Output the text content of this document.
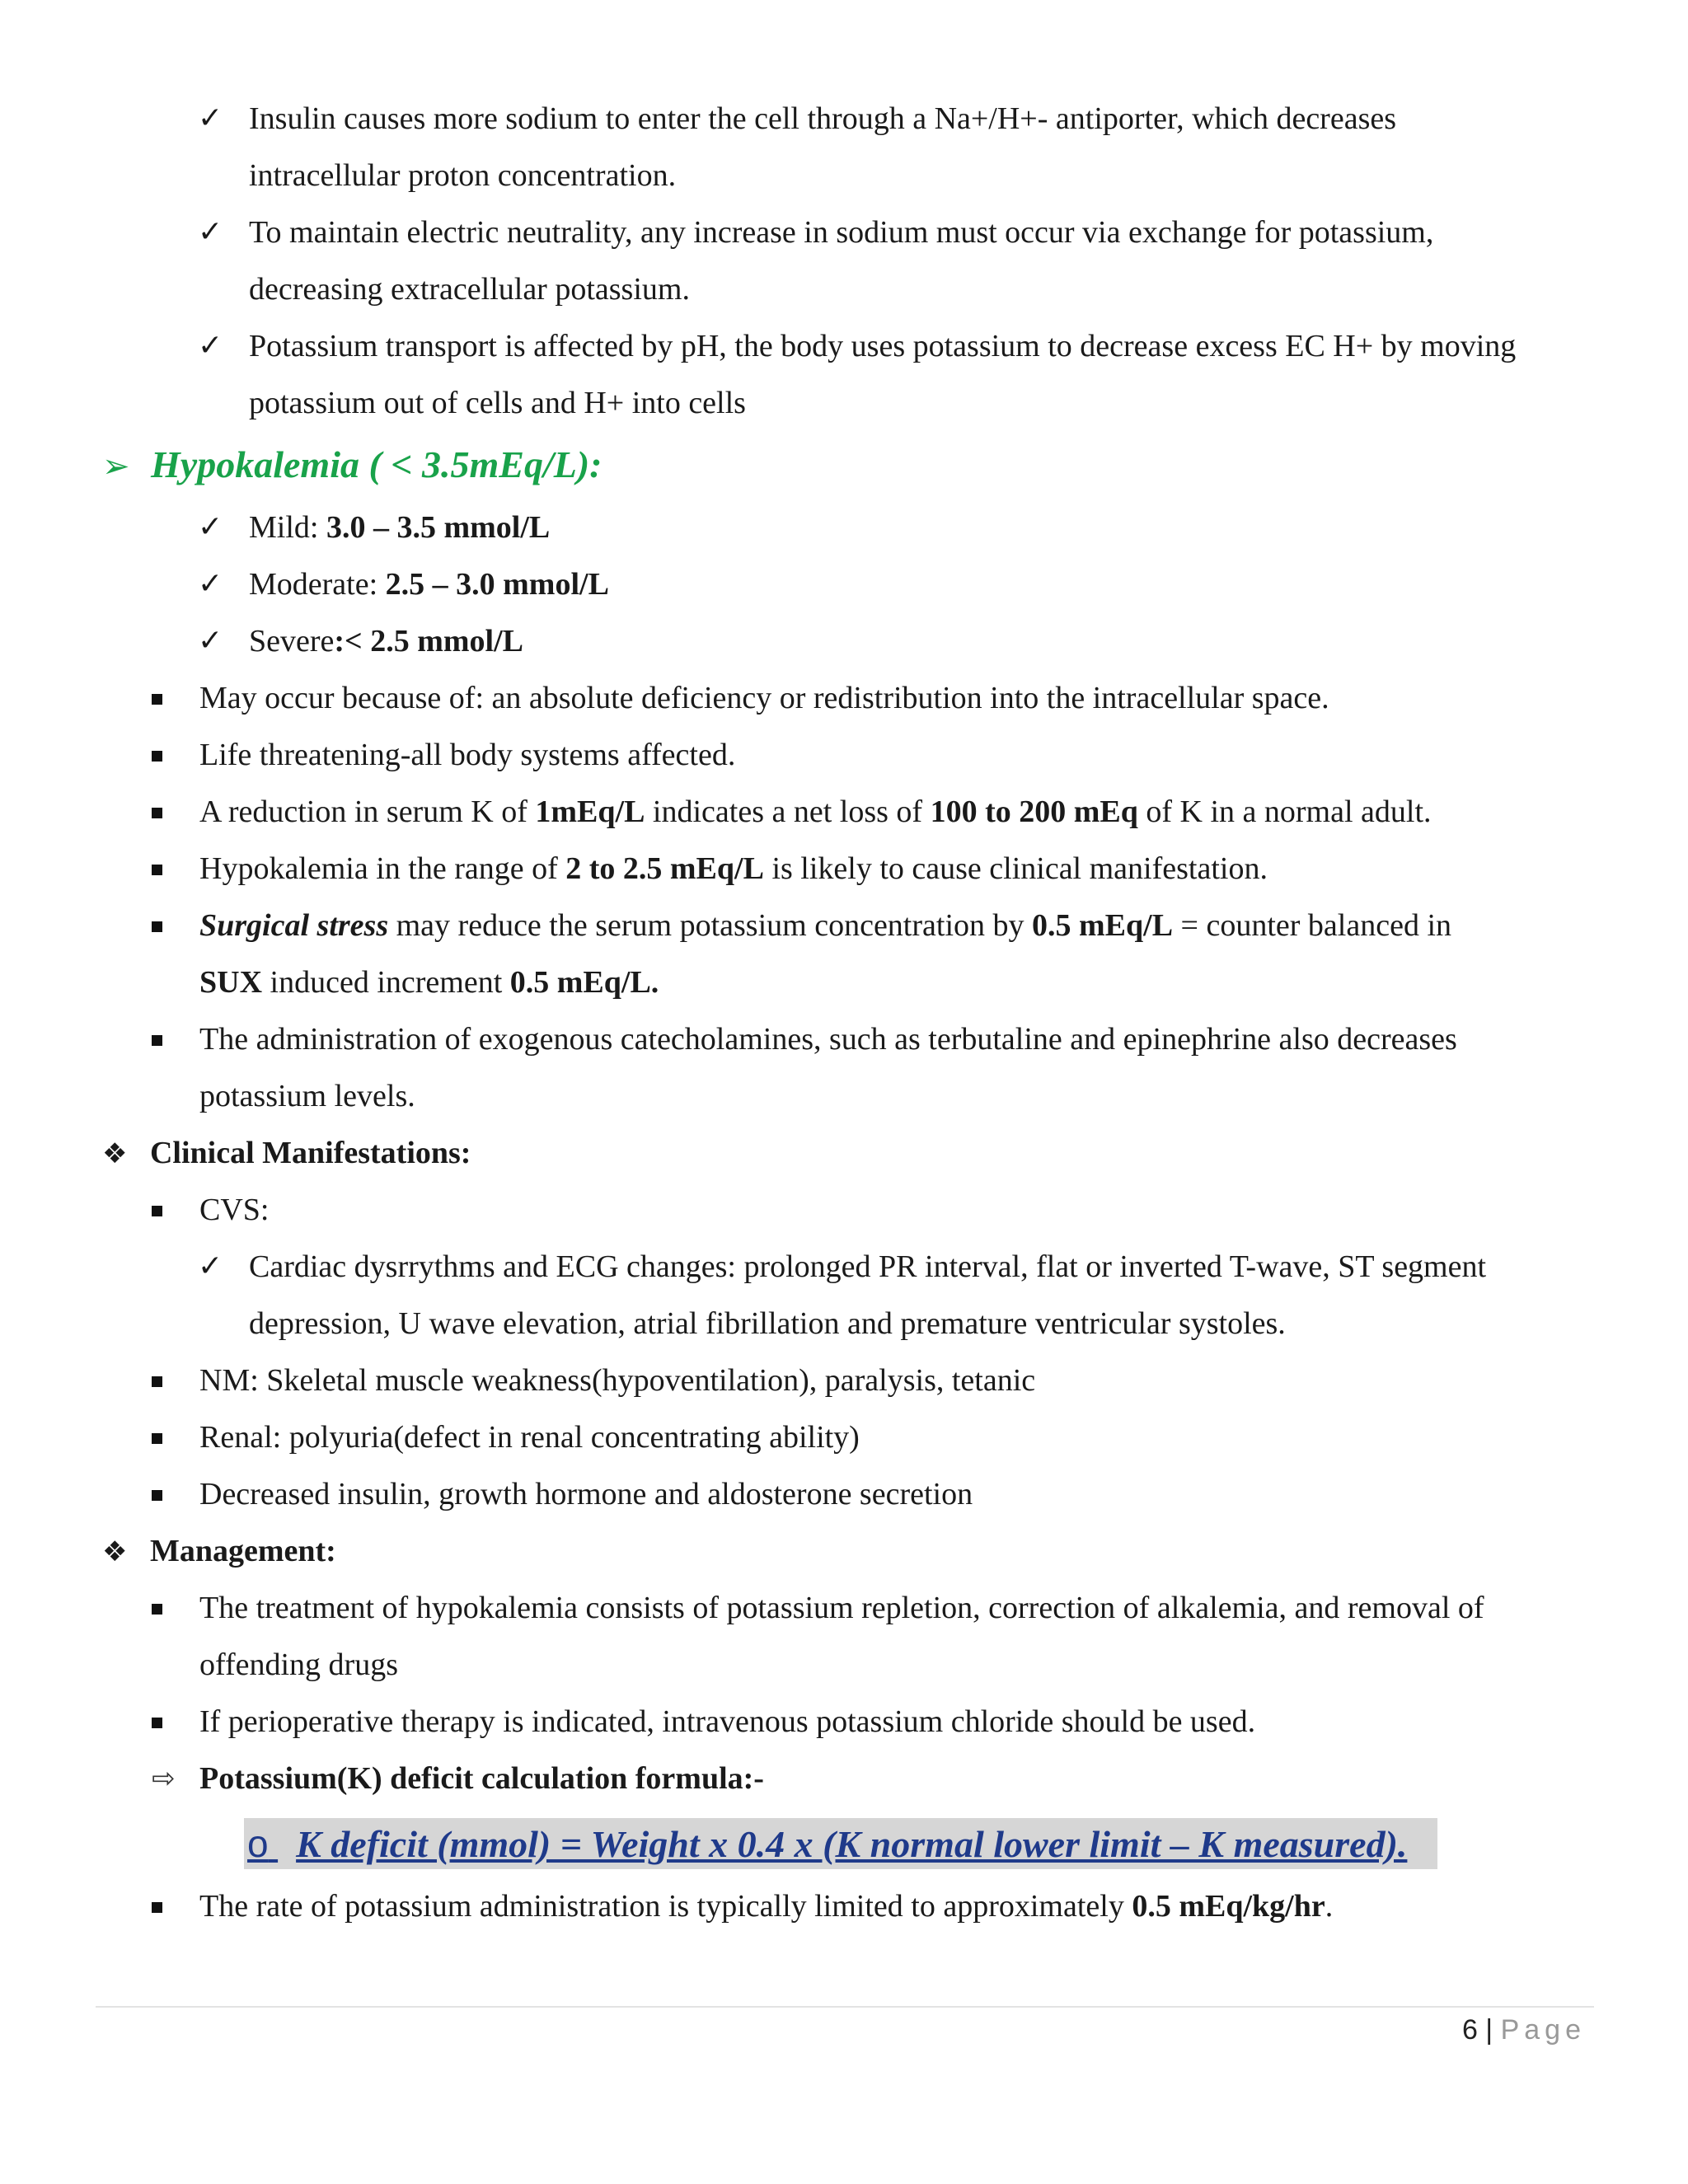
✓ Insulin causes more sodium to enter the cell through a Na+/H+- antiporter, which decreases
intracellular proton concentration.
✓ To maintain electric neutrality, any increase in sodium must occur via exchange for potassium,
decreasing extracellular potassium.
✓ Potassium transport is affected by pH, the body uses potassium to decrease excess EC H+ by moving
potassium out of cells and H+ into cells
➢ Hypokalemia ( < 3.5mEq/L):
✓ Mild: 3.0 – 3.5 mmol/L
✓ Moderate: 2.5 – 3.0 mmol/L
✓ Severe:< 2.5 mmol/L
May occur because of: an absolute deficiency or redistribution into the intracellular space.
Life threatening-all body systems affected.
A reduction in serum K of 1mEq/L indicates a net loss of 100 to 200 mEq of K in a normal adult.
Hypokalemia in the range of 2 to 2.5 mEq/L is likely to cause clinical manifestation.
Surgical stress may reduce the serum potassium concentration by 0.5 mEq/L = counter balanced in
SUX induced increment 0.5 mEq/L.
The administration of exogenous catecholamines, such as terbutaline and epinephrine also decreases
potassium levels.
❖ Clinical Manifestations:
CVS:
✓ Cardiac dysrrythms and ECG changes: prolonged PR interval, flat or inverted T-wave, ST segment
depression, U wave elevation, atrial fibrillation and premature ventricular systoles.
NM: Skeletal muscle weakness(hypoventilation), paralysis, tetanic
Renal: polyuria(defect in renal concentrating ability)
Decreased insulin, growth hormone and aldosterone secretion
❖ Management:
The treatment of hypokalemia consists of potassium repletion, correction of alkalemia, and removal of
offending drugs
If perioperative therapy is indicated, intravenous potassium chloride should be used.
⇨ Potassium(K) deficit calculation formula:-
o K deficit (mmol) = Weight x 0.4 x (K normal lower limit – K measured).
The rate of potassium administration is typically limited to approximately 0.5 mEq/kg/hr.
6 | Page
